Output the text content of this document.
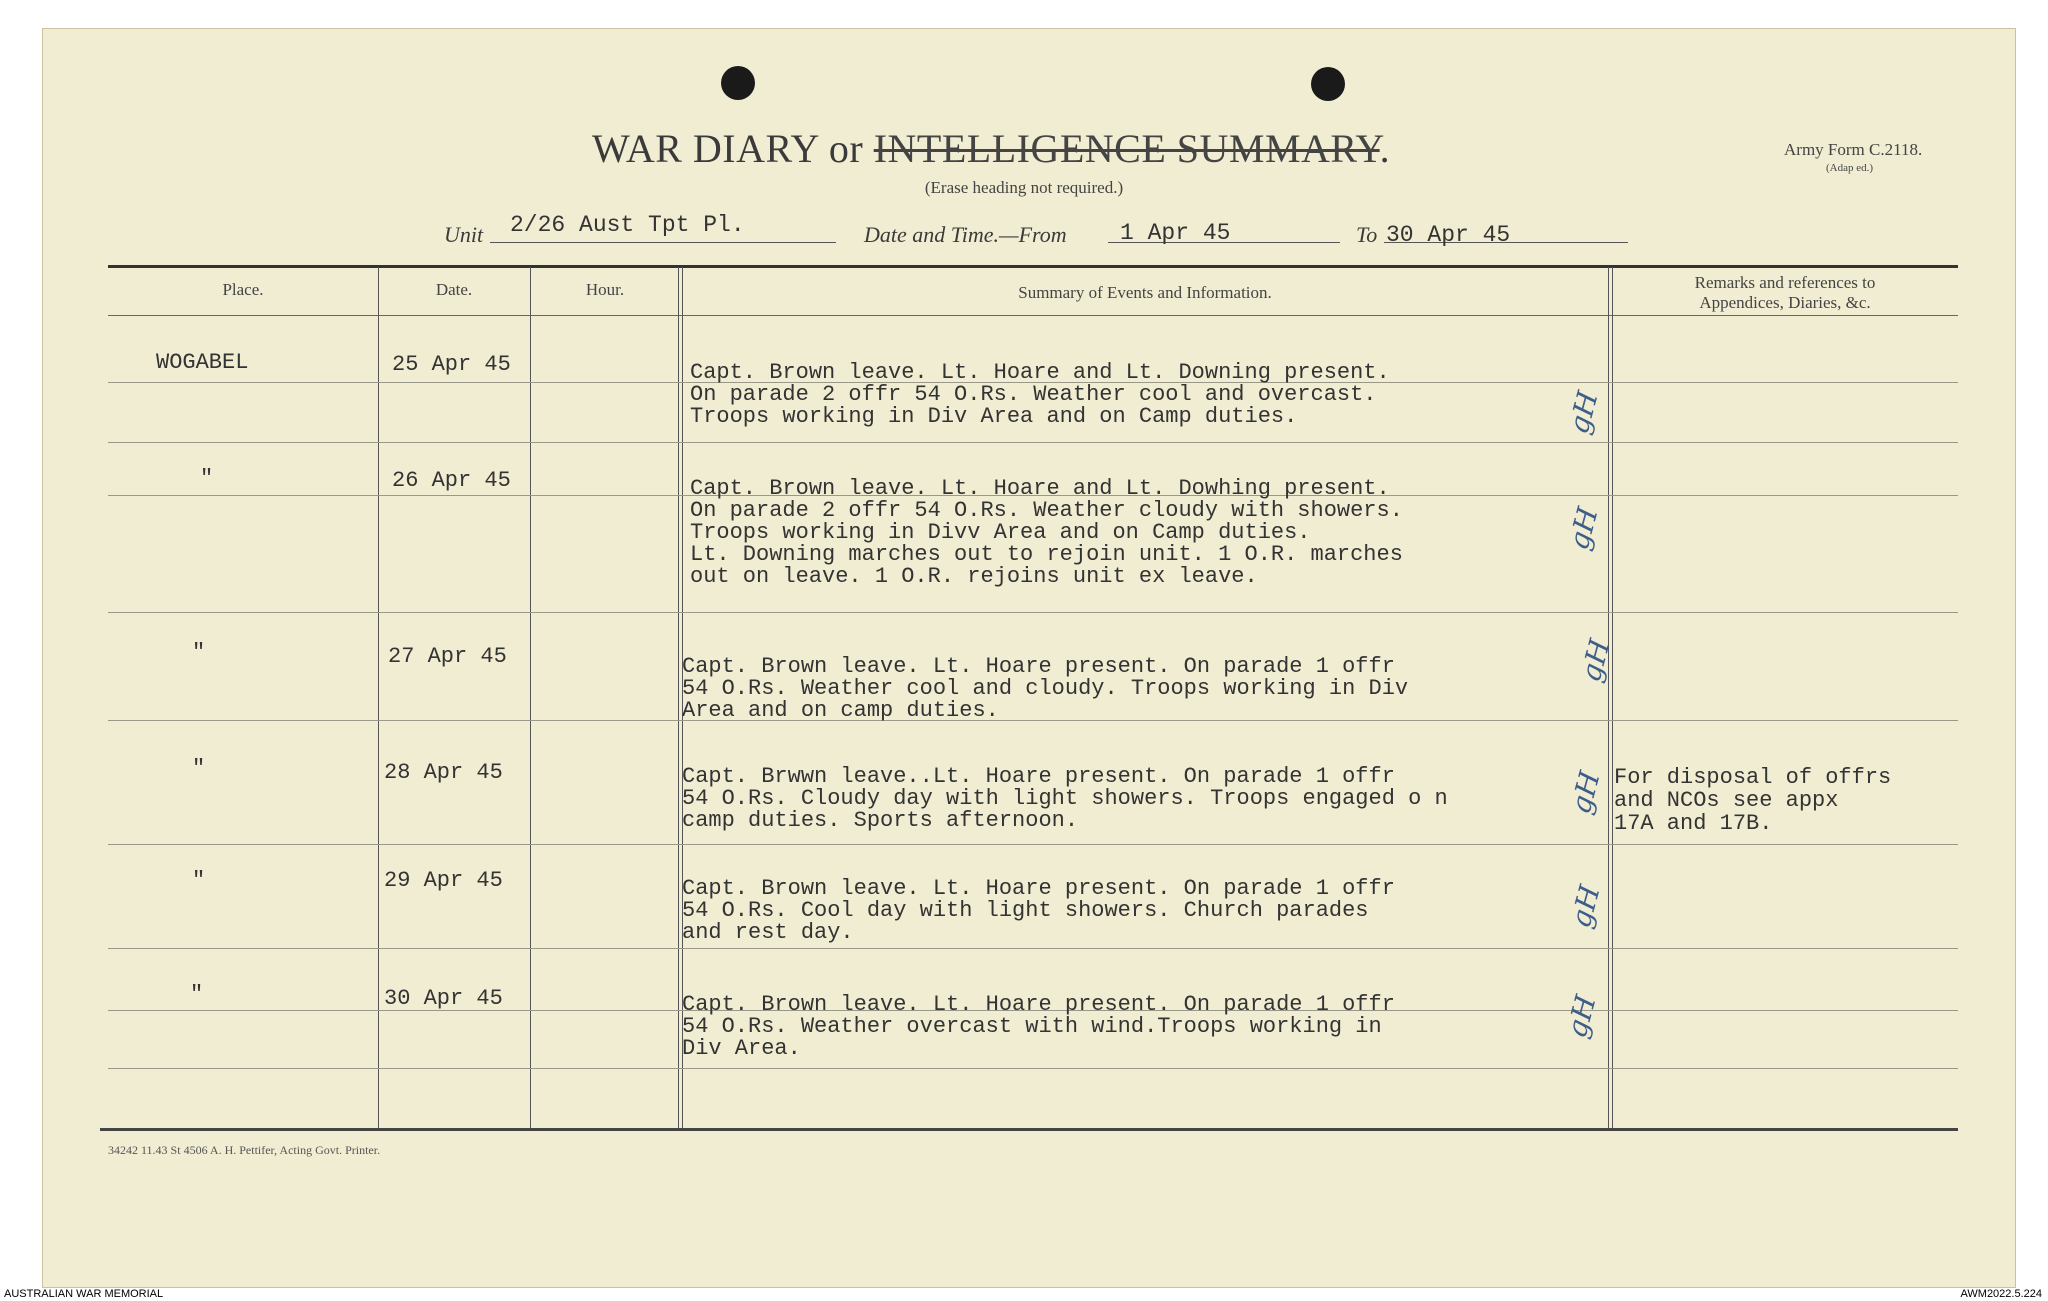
WAR DIARY or INTELLIGENCE SUMMARY.
(Erase heading not required.)
Army Form C.2118.
(Adap ed.)
Unit 2/26 Aust Tpt Pl.	Date and Time.—From 1 Apr 45	To 30 Apr 45
Place.	Date.	Hour.	Summary of Events and Information.
Remarks and references to
Appendices, Diaries, &c.
WOGABEL	25 Apr 45	Capt. Brown leave. Lt. Hoare and Lt. Downing present.
On parade 2 offr 54 O.Rs. Weather cool and overcast.
Troops working in Div Area and on Camp duties.	gH
"	26 Apr 45	Capt. Brown leave. Lt. Hoare and Lt. Dowhing present.
On parade 2 offr 54 O.Rs. Weather cloudy with showers.
Troops working in Divv Area and on Camp duties.
Lt. Downing marches out to rejoin unit. 1 O.R. marches
out on leave. 1 O.R. rejoins unit ex leave.
gH
"	27 Apr 45	Capt. Brown leave. Lt. Hoare present. On parade 1 offr
54 O.Rs. Weather cool and cloudy. Troops working in Div
Area and on camp duties.
gH
"	28 Apr 45	Capt. Brwwn leave..Lt. Hoare present. On parade 1 offr
54 O.Rs. Cloudy day with light showers. Troops engaged o n
camp duties. Sports afternoon.
gH For disposal of offrs
and NCOs see appx
17A and 17B.
"	29 Apr 45	Capt. Brown leave. Lt. Hoare present. On parade 1 offr
54 O.Rs. Cool day with light showers. Church parades
and rest day.
gH
"	30 Apr 45	Capt. Brown leave. Lt. Hoare present. On parade 1 offr
54 O.Rs. Weather overcast with wind.Troops working in
Div Area.
gH
34242 11.43 St 4506 A. H. Pettifer, Acting Govt. Printer.
AUSTRALIAN WAR MEMORIAL	AWM2022.5.224
